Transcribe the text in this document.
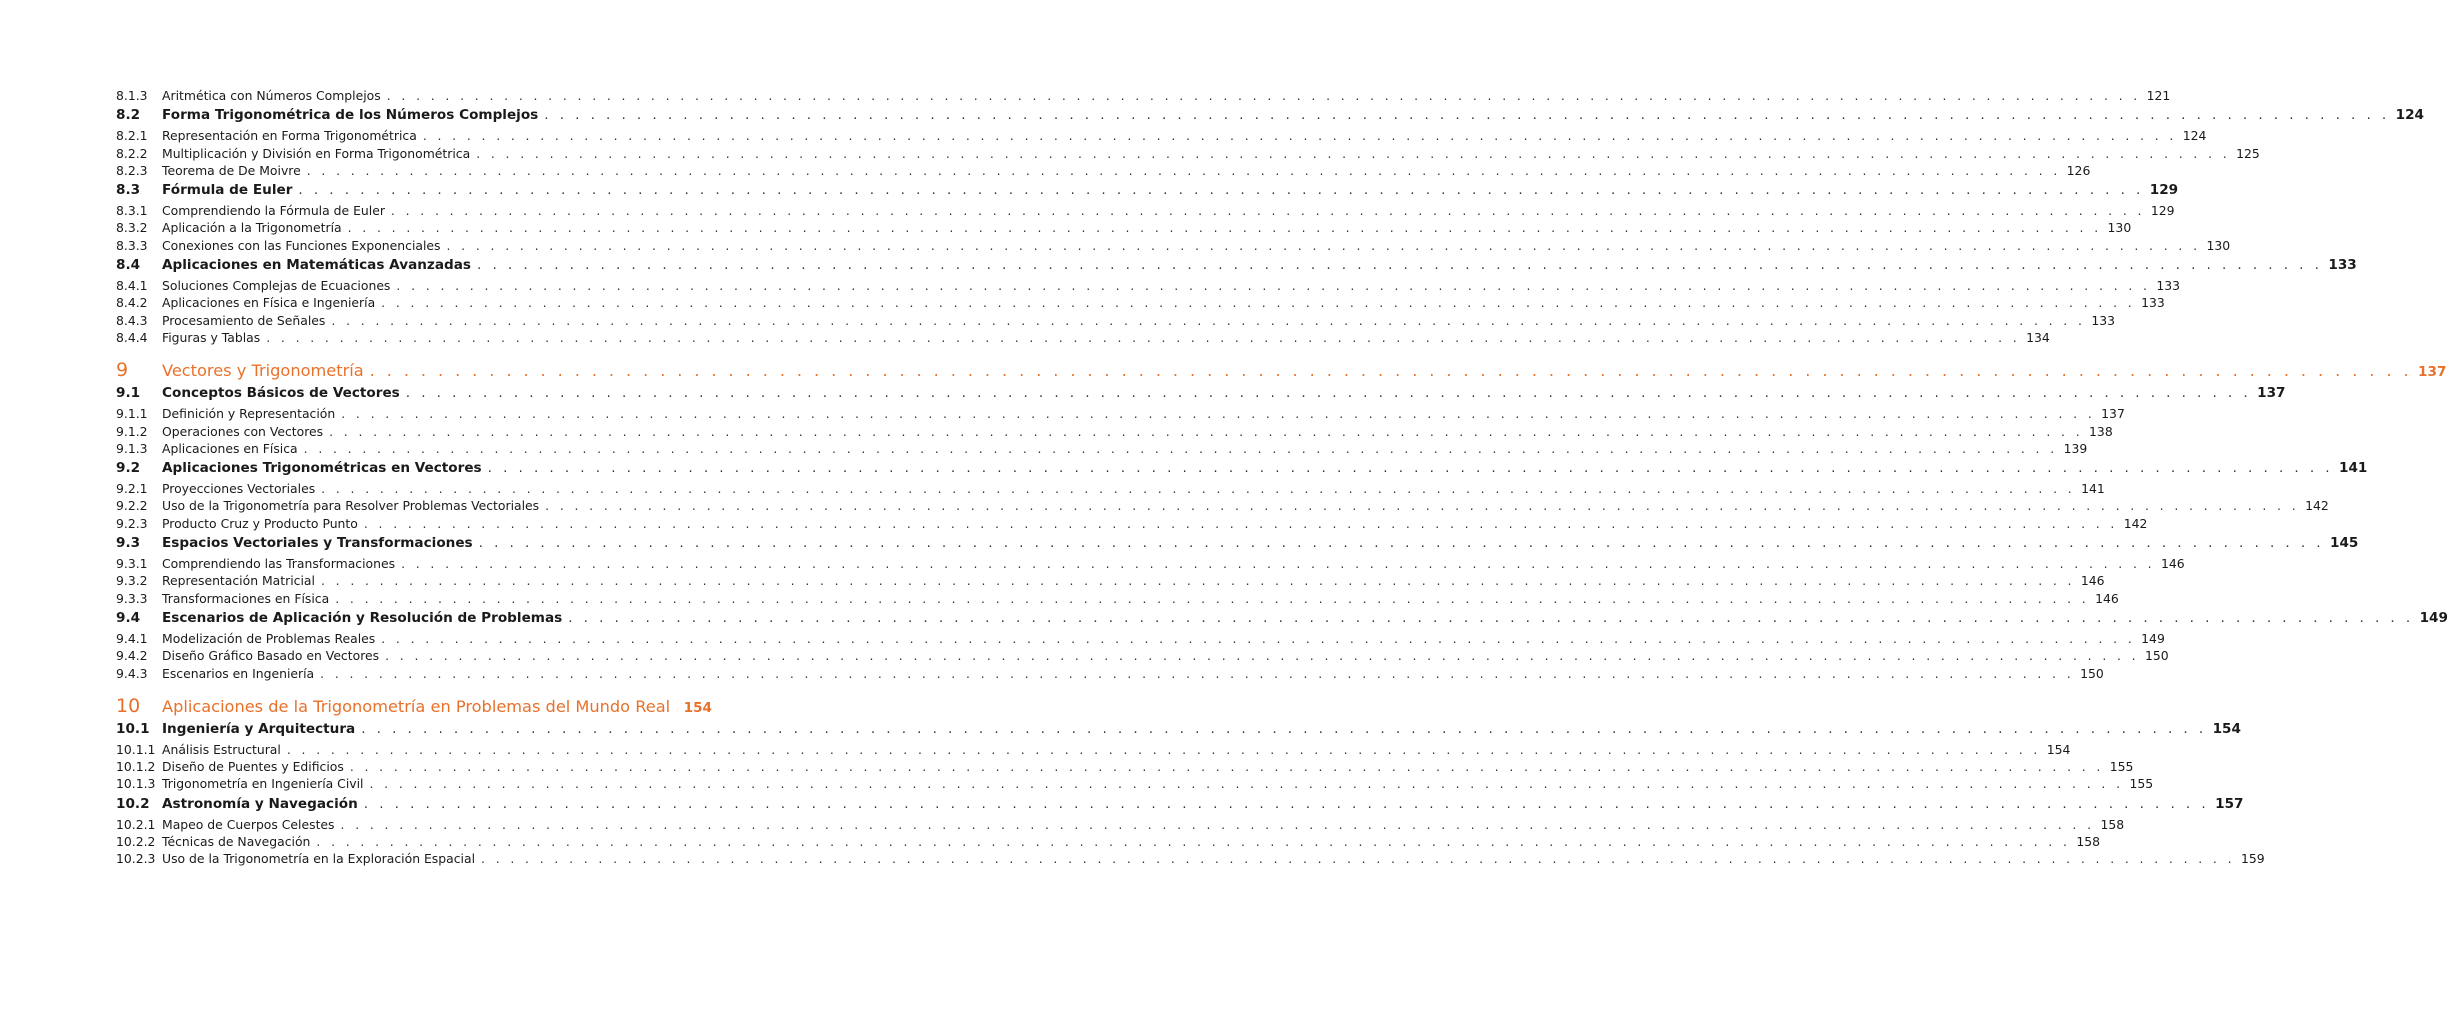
8.1.3	Aritmética con Números Complejos . . . . . . . . . . . . . . . . . . . . . . . . . . . . . . . . . . . . . . . . . . . . . . . . . . . . . . . . . . . . . . . . . . . . . . . . . . . . . . . . . . . . . . . . . . . . . . . . . . . . . . . . . . . . . . . . . . . . . . . . 121
8.2	Forma Trigonométrica de los Números Complejos . . . . . . . . . . . . . . . . . . . . . . . . . . . . . . . . . . . . . . . . . . . . . . . . . . . . . . . . . . . . . . . . . . . . . . . . . . . . . . . . . . . . . . . . . . . . . . . . . . . . . . . . . . . . . . . . . . . . . . . . 124
8.2.1	Representación en Forma Trigonométrica . . . . . . . . . . . . . . . . . . . . . . . . . . . . . . . . . . . . . . . . . . . . . . . . . . . . . . . . . . . . . . . . . . . . . . . . . . . . . . . . . . . . . . . . . . . . . . . . . . . . . . . . . . . . . . . . . . . . . . . . 124
8.2.2	Multiplicación y División en Forma Trigonométrica . . . . . . . . . . . . . . . . . . . . . . . . . . . . . . . . . . . . . . . . . . . . . . . . . . . . . . . . . . . . . . . . . . . . . . . . . . . . . . . . . . . . . . . . . . . . . . . . . . . . . . . . . . . . . . . . . . . . . . . . 125
8.2.3	Teorema de De Moivre . . . . . . . . . . . . . . . . . . . . . . . . . . . . . . . . . . . . . . . . . . . . . . . . . . . . . . . . . . . . . . . . . . . . . . . . . . . . . . . . . . . . . . . . . . . . . . . . . . . . . . . . . . . . . . . . . . . . . . . . 126
8.3	Fórmula de Euler . . . . . . . . . . . . . . . . . . . . . . . . . . . . . . . . . . . . . . . . . . . . . . . . . . . . . . . . . . . . . . . . . . . . . . . . . . . . . . . . . . . . . . . . . . . . . . . . . . . . . . . . . . . . . . . . . . . . . . . . 129
8.3.1	Comprendiendo la Fórmula de Euler . . . . . . . . . . . . . . . . . . . . . . . . . . . . . . . . . . . . . . . . . . . . . . . . . . . . . . . . . . . . . . . . . . . . . . . . . . . . . . . . . . . . . . . . . . . . . . . . . . . . . . . . . . . . . . . . . . . . . . . . 129
8.3.2	Aplicación a la Trigonometría . . . . . . . . . . . . . . . . . . . . . . . . . . . . . . . . . . . . . . . . . . . . . . . . . . . . . . . . . . . . . . . . . . . . . . . . . . . . . . . . . . . . . . . . . . . . . . . . . . . . . . . . . . . . . . . . . . . . . . . . 130
8.3.3	Conexiones con las Funciones Exponenciales . . . . . . . . . . . . . . . . . . . . . . . . . . . . . . . . . . . . . . . . . . . . . . . . . . . . . . . . . . . . . . . . . . . . . . . . . . . . . . . . . . . . . . . . . . . . . . . . . . . . . . . . . . . . . . . . . . . . . . . . 130
8.4	Aplicaciones en Matemáticas Avanzadas . . . . . . . . . . . . . . . . . . . . . . . . . . . . . . . . . . . . . . . . . . . . . . . . . . . . . . . . . . . . . . . . . . . . . . . . . . . . . . . . . . . . . . . . . . . . . . . . . . . . . . . . . . . . . . . . . . . . . . . . 133
8.4.1	Soluciones Complejas de Ecuaciones . . . . . . . . . . . . . . . . . . . . . . . . . . . . . . . . . . . . . . . . . . . . . . . . . . . . . . . . . . . . . . . . . . . . . . . . . . . . . . . . . . . . . . . . . . . . . . . . . . . . . . . . . . . . . . . . . . . . . . . . 133
8.4.2	Aplicaciones en Física e Ingeniería . . . . . . . . . . . . . . . . . . . . . . . . . . . . . . . . . . . . . . . . . . . . . . . . . . . . . . . . . . . . . . . . . . . . . . . . . . . . . . . . . . . . . . . . . . . . . . . . . . . . . . . . . . . . . . . . . . . . . . . . 133
8.4.3	Procesamiento de Señales . . . . . . . . . . . . . . . . . . . . . . . . . . . . . . . . . . . . . . . . . . . . . . . . . . . . . . . . . . . . . . . . . . . . . . . . . . . . . . . . . . . . . . . . . . . . . . . . . . . . . . . . . . . . . . . . . . . . . . . . 133
8.4.4	Figuras y Tablas . . . . . . . . . . . . . . . . . . . . . . . . . . . . . . . . . . . . . . . . . . . . . . . . . . . . . . . . . . . . . . . . . . . . . . . . . . . . . . . . . . . . . . . . . . . . . . . . . . . . . . . . . . . . . . . . . . . . . . . . 134
9	Vectores y Trigonometría . . . . . . . . . . . . . . . . . . . . . . . . . . . . . . . . . . . . . . . . . . . . . . . . . . . . . . . . . . . . . . . . . . . . . . . . . . . . . . . . . . . . . . . . . . . . . . . . . . . . . . . . . . . . . . . . . . . . . . . . 137
9.1	Conceptos Básicos de Vectores . . . . . . . . . . . . . . . . . . . . . . . . . . . . . . . . . . . . . . . . . . . . . . . . . . . . . . . . . . . . . . . . . . . . . . . . . . . . . . . . . . . . . . . . . . . . . . . . . . . . . . . . . . . . . . . . . . . . . . . . 137
9.1.1	Definición y Representación . . . . . . . . . . . . . . . . . . . . . . . . . . . . . . . . . . . . . . . . . . . . . . . . . . . . . . . . . . . . . . . . . . . . . . . . . . . . . . . . . . . . . . . . . . . . . . . . . . . . . . . . . . . . . . . . . . . . . . . . 137
9.1.2	Operaciones con Vectores . . . . . . . . . . . . . . . . . . . . . . . . . . . . . . . . . . . . . . . . . . . . . . . . . . . . . . . . . . . . . . . . . . . . . . . . . . . . . . . . . . . . . . . . . . . . . . . . . . . . . . . . . . . . . . . . . . . . . . . . 138
9.1.3	Aplicaciones en Física . . . . . . . . . . . . . . . . . . . . . . . . . . . . . . . . . . . . . . . . . . . . . . . . . . . . . . . . . . . . . . . . . . . . . . . . . . . . . . . . . . . . . . . . . . . . . . . . . . . . . . . . . . . . . . . . . . . . . . . . 139
9.2	Aplicaciones Trigonométricas en Vectores . . . . . . . . . . . . . . . . . . . . . . . . . . . . . . . . . . . . . . . . . . . . . . . . . . . . . . . . . . . . . . . . . . . . . . . . . . . . . . . . . . . . . . . . . . . . . . . . . . . . . . . . . . . . . . . . . . . . . . . . 141
9.2.1	Proyecciones Vectoriales . . . . . . . . . . . . . . . . . . . . . . . . . . . . . . . . . . . . . . . . . . . . . . . . . . . . . . . . . . . . . . . . . . . . . . . . . . . . . . . . . . . . . . . . . . . . . . . . . . . . . . . . . . . . . . . . . . . . . . . . 141
9.2.2	Uso de la Trigonometría para Resolver Problemas Vectoriales . . . . . . . . . . . . . . . . . . . . . . . . . . . . . . . . . . . . . . . . . . . . . . . . . . . . . . . . . . . . . . . . . . . . . . . . . . . . . . . . . . . . . . . . . . . . . . . . . . . . . . . . . . . . . . . . . . . . . . . . 142
9.2.3	Producto Cruz y Producto Punto . . . . . . . . . . . . . . . . . . . . . . . . . . . . . . . . . . . . . . . . . . . . . . . . . . . . . . . . . . . . . . . . . . . . . . . . . . . . . . . . . . . . . . . . . . . . . . . . . . . . . . . . . . . . . . . . . . . . . . . . 142
9.3	Espacios Vectoriales y Transformaciones . . . . . . . . . . . . . . . . . . . . . . . . . . . . . . . . . . . . . . . . . . . . . . . . . . . . . . . . . . . . . . . . . . . . . . . . . . . . . . . . . . . . . . . . . . . . . . . . . . . . . . . . . . . . . . . . . . . . . . . . 145
9.3.1	Comprendiendo las Transformaciones . . . . . . . . . . . . . . . . . . . . . . . . . . . . . . . . . . . . . . . . . . . . . . . . . . . . . . . . . . . . . . . . . . . . . . . . . . . . . . . . . . . . . . . . . . . . . . . . . . . . . . . . . . . . . . . . . . . . . . . . 146
9.3.2	Representación Matricial . . . . . . . . . . . . . . . . . . . . . . . . . . . . . . . . . . . . . . . . . . . . . . . . . . . . . . . . . . . . . . . . . . . . . . . . . . . . . . . . . . . . . . . . . . . . . . . . . . . . . . . . . . . . . . . . . . . . . . . . 146
9.3.3	Transformaciones en Física . . . . . . . . . . . . . . . . . . . . . . . . . . . . . . . . . . . . . . . . . . . . . . . . . . . . . . . . . . . . . . . . . . . . . . . . . . . . . . . . . . . . . . . . . . . . . . . . . . . . . . . . . . . . . . . . . . . . . . . . 146
9.4	Escenarios de Aplicación y Resolución de Problemas . . . . . . . . . . . . . . . . . . . . . . . . . . . . . . . . . . . . . . . . . . . . . . . . . . . . . . . . . . . . . . . . . . . . . . . . . . . . . . . . . . . . . . . . . . . . . . . . . . . . . . . . . . . . . . . . . . . . . . . . 149
9.4.1	Modelización de Problemas Reales . . . . . . . . . . . . . . . . . . . . . . . . . . . . . . . . . . . . . . . . . . . . . . . . . . . . . . . . . . . . . . . . . . . . . . . . . . . . . . . . . . . . . . . . . . . . . . . . . . . . . . . . . . . . . . . . . . . . . . . . 149
9.4.2	Diseño Gráfico Basado en Vectores . . . . . . . . . . . . . . . . . . . . . . . . . . . . . . . . . . . . . . . . . . . . . . . . . . . . . . . . . . . . . . . . . . . . . . . . . . . . . . . . . . . . . . . . . . . . . . . . . . . . . . . . . . . . . . . . . . . . . . . . 150
9.4.3	Escenarios en Ingeniería . . . . . . . . . . . . . . . . . . . . . . . . . . . . . . . . . . . . . . . . . . . . . . . . . . . . . . . . . . . . . . . . . . . . . . . . . . . . . . . . . . . . . . . . . . . . . . . . . . . . . . . . . . . . . . . . . . . . . . . . 150
10	Aplicaciones de la Trigonometría en Problemas del Mundo Real 154
10.1 Ingeniería y Arquitectura . . . . . . . . . . . . . . . . . . . . . . . . . . . . . . . . . . . . . . . . . . . . . . . . . . . . . . . . . . . . . . . . . . . . . . . . . . . . . . . . . . . . . . . . . . . . . . . . . . . . . . . . . . . . . . . . . . . . . . . . 154
10.1.1 Análisis Estructural . . . . . . . . . . . . . . . . . . . . . . . . . . . . . . . . . . . . . . . . . . . . . . . . . . . . . . . . . . . . . . . . . . . . . . . . . . . . . . . . . . . . . . . . . . . . . . . . . . . . . . . . . . . . . . . . . . . . . . . . 154
10.1.2 Diseño de Puentes y Edificios . . . . . . . . . . . . . . . . . . . . . . . . . . . . . . . . . . . . . . . . . . . . . . . . . . . . . . . . . . . . . . . . . . . . . . . . . . . . . . . . . . . . . . . . . . . . . . . . . . . . . . . . . . . . . . . . . . . . . . . . 155
10.1.3 Trigonometría en Ingeniería Civil . . . . . . . . . . . . . . . . . . . . . . . . . . . . . . . . . . . . . . . . . . . . . . . . . . . . . . . . . . . . . . . . . . . . . . . . . . . . . . . . . . . . . . . . . . . . . . . . . . . . . . . . . . . . . . . . . . . . . . . . 155
10.2 Astronomía y Navegación . . . . . . . . . . . . . . . . . . . . . . . . . . . . . . . . . . . . . . . . . . . . . . . . . . . . . . . . . . . . . . . . . . . . . . . . . . . . . . . . . . . . . . . . . . . . . . . . . . . . . . . . . . . . . . . . . . . . . . . . 157
10.2.1 Mapeo de Cuerpos Celestes . . . . . . . . . . . . . . . . . . . . . . . . . . . . . . . . . . . . . . . . . . . . . . . . . . . . . . . . . . . . . . . . . . . . . . . . . . . . . . . . . . . . . . . . . . . . . . . . . . . . . . . . . . . . . . . . . . . . . . . . 158
10.2.2 Técnicas de Navegación . . . . . . . . . . . . . . . . . . . . . . . . . . . . . . . . . . . . . . . . . . . . . . . . . . . . . . . . . . . . . . . . . . . . . . . . . . . . . . . . . . . . . . . . . . . . . . . . . . . . . . . . . . . . . . . . . . . . . . . . 158
10.2.3 Uso de la Trigonometría en la Exploración Espacial . . . . . . . . . . . . . . . . . . . . . . . . . . . . . . . . . . . . . . . . . . . . . . . . . . . . . . . . . . . . . . . . . . . . . . . . . . . . . . . . . . . . . . . . . . . . . . . . . . . . . . . . . . . . . . . . . . . . . . . . 159
